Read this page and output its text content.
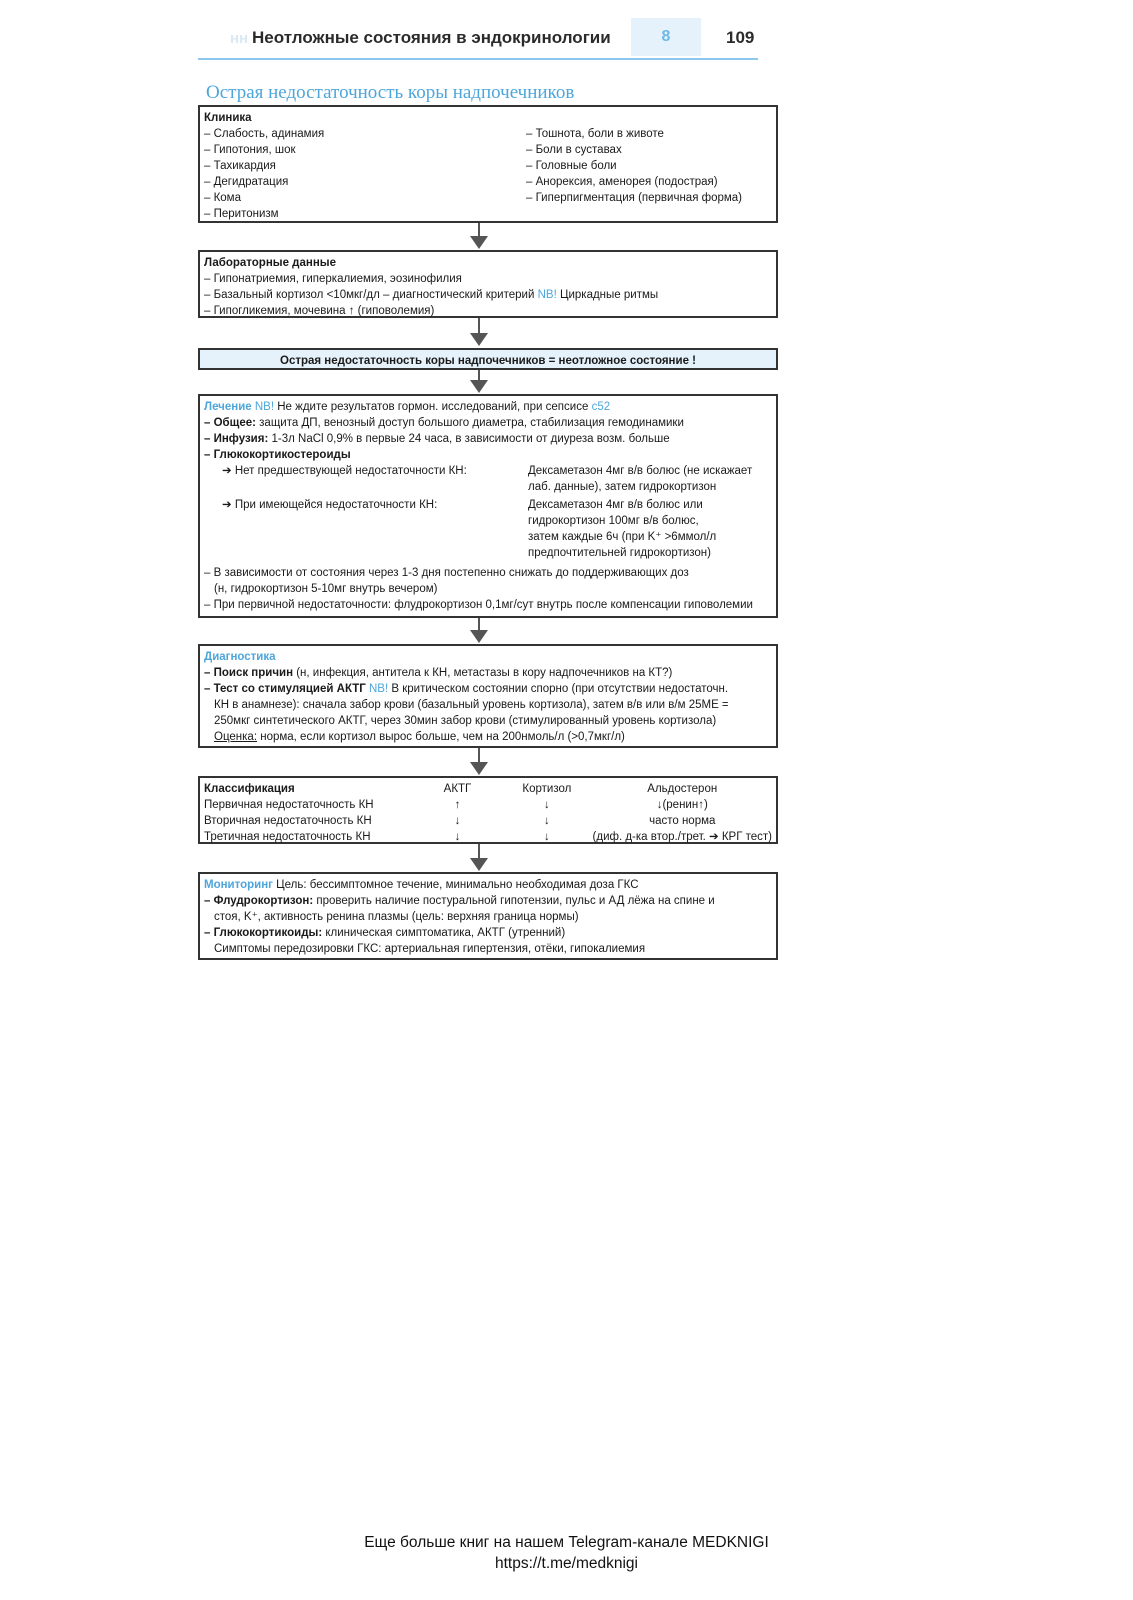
нн Неотложные состояния в эндокринологии	8	109
Острая недостаточность коры надпочечников
Клиника
– Слабость, адинамия
– Гипотония, шок
– Тахикардия
– Дегидратация
– Кома
– Перитонизм
– Тошнота, боли в животе
– Боли в суставах
– Головные боли
– Анорексия, аменорея (подострая)
– Гиперпигментация (первичная форма)
Лабораторные данные
– Гипонатриемия, гиперкалиемия, эозинофилия
– Базальный кортизол <10мкг/дл – диагностический критерий NB! Циркадные ритмы
– Гипогликемия, мочевина ↑ (гиповолемия)
Острая недостаточность коры надпочечников = неотложное состояние !
Лечение NB! Не ждите результатов гормон. исследований, при сепсисе c52
– Общее: защита ДП, венозный доступ большого диаметра, стабилизация гемодинамики
– Инфузия: 1-3л NaCl 0,9% в первые 24 часа, в зависимости от диуреза возм. больше
– Глюкокортикостероиды
➔ Нет предшествующей недостаточности КН:	Дексаметазон 4мг в/в болюс (не искажает
лаб. данные), затем гидрокортизон
➔ При имеющейся недостаточности КН:	Дексаметазон 4мг в/в болюс или
гидрокортизон 100мг в/в болюс,
затем каждые 6ч (при K⁺ >6ммол/л
предпочтительней гидрокортизон)
– В зависимости от состояния через 1-3 дня постепенно снижать до поддерживающих доз
(н, гидрокортизон 5-10мг внутрь вечером)
– При первичной недостаточности: флудрокортизон 0,1мг/сут внутрь после компенсации гиповолемии
Диагностика
– Поиск причин (н, инфекция, антитела к КН, метастазы в кору надпочечников на КТ?)
– Тест со стимуляцией АКТГ NB! В критическом состоянии спорно (при отсутствии недостаточн.
КН в анамнезе): сначала забор крови (базальный уровень кортизола), затем в/в или в/м 25МЕ =
250мкг синтетического АКТГ, через 30мин забор крови (стимулированный уровень кортизола)
Оценка: норма, если кортизол вырос больше, чем на 200нмоль/л (>0,7мкг/л)
Классификация	АКТГ	Кортизол	Альдостерон
Первичная недостаточность КН	↑	↓	↓(ренин↑)
Вторичная недостаточность КН	↓	↓	часто норма
Третичная недостаточность КН	↓	↓	(диф. д-ка втор./трет. ➔ КРГ тест)
Мониторинг Цель: бессимптомное течение, минимально необходимая доза ГКС
– Флудрокортизон: проверить наличие постуральной гипотензии, пульс и АД лёжа на спине и
стоя, K⁺, активность ренина плазмы (цель: верхняя граница нормы)
– Глюкокортикоиды: клиническая симптоматика, АКТГ (утренний)
Симптомы передозировки ГКС: артериальная гипертензия, отёки, гипокалиемия
Еще больше книг на нашем Telegram-канале MEDKNIGI
https://t.me/medknigi
